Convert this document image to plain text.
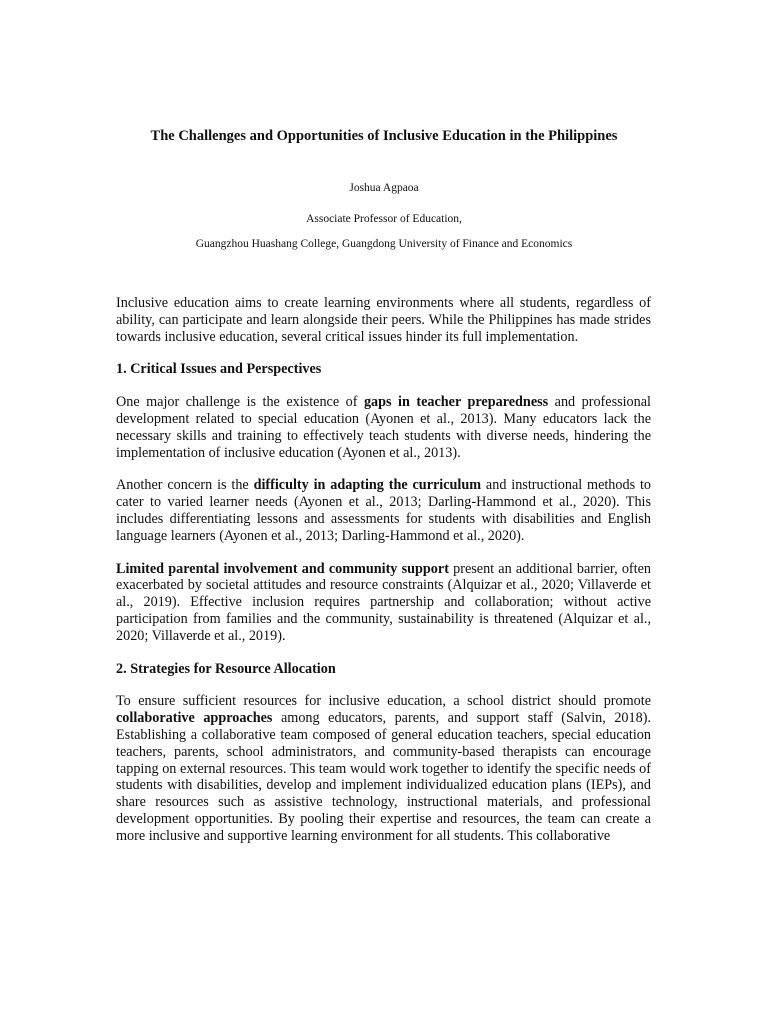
The Challenges and Opportunities of Inclusive Education in the Philippines
Joshua Agpaoa
Associate Professor of Education,
Guangzhou Huashang College, Guangdong University of Finance and Economics

Inclusive education aims to create learning environments where all students, regardless of ability, can participate and learn alongside their peers. While the Philippines has made strides towards inclusive education, several critical issues hinder its full implementation.

1. Critical Issues and Perspectives

One major challenge is the existence of gaps in teacher preparedness and professional development related to special education (Ayonen et al., 2013). Many educators lack the necessary skills and training to effectively teach students with diverse needs, hindering the implementation of inclusive education (Ayonen et al., 2013).

Another concern is the difficulty in adapting the curriculum and instructional methods to cater to varied learner needs (Ayonen et al., 2013; Darling-Hammond et al., 2020). This includes differentiating lessons and assessments for students with disabilities and English language learners (Ayonen et al., 2013; Darling-Hammond et al., 2020).

Limited parental involvement and community support present an additional barrier, often exacerbated by societal attitudes and resource constraints (Alquizar et al., 2020; Villaverde et al., 2019). Effective inclusion requires partnership and collaboration; without active participation from families and the community, sustainability is threatened (Alquizar et al., 2020; Villaverde et al., 2019).

2. Strategies for Resource Allocation

To ensure sufficient resources for inclusive education, a school district should promote collaborative approaches among educators, parents, and support staff (Salvin, 2018). Establishing a collaborative team composed of general education teachers, special education teachers, parents, school administrators, and community-based therapists can encourage tapping on external resources. This team would work together to identify the specific needs of students with disabilities, develop and implement individualized education plans (IEPs), and share resources such as assistive technology, instructional materials, and professional development opportunities. By pooling their expertise and resources, the team can create a more inclusive and supportive learning environment for all students. This collaborative
